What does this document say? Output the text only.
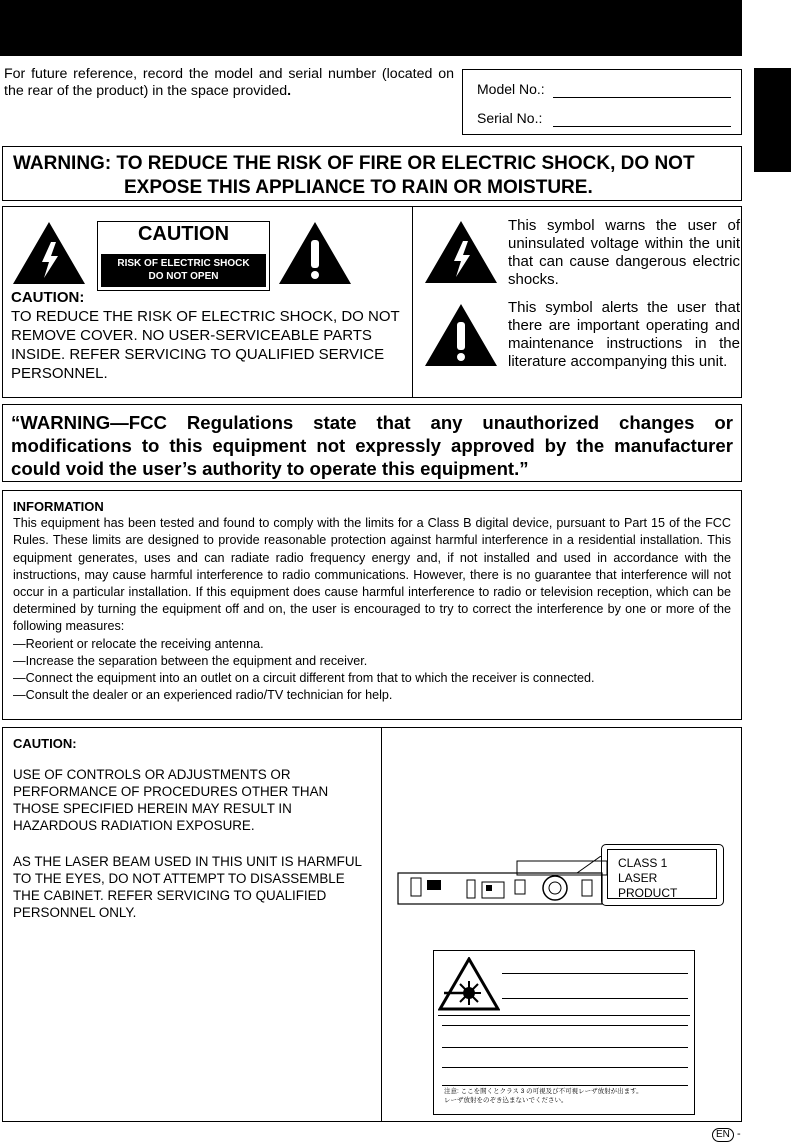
For future reference, record the model and serial number (located on the rear of the product) in the space provided.	Model No.:
Serial No.:
WARNING: TO REDUCE THE RISK OF FIRE OR ELECTRIC SHOCK, DO NOT
EXPOSE THIS APPLIANCE TO RAIN OR MOISTURE.
CAUTION
RISK OF ELECTRIC SHOCK
DO NOT OPEN
CAUTION:
TO REDUCE THE RISK OF ELECTRIC SHOCK, DO NOT REMOVE COVER. NO USER-SERVICEABLE PARTS INSIDE. REFER SERVICING TO QUALIFIED SERVICE PERSONNEL.
This symbol warns the user of uninsulated voltage within the unit that can cause dangerous electric shocks.
This symbol alerts the user that there are important operating and maintenance instructions in the literature accompanying this unit.
“WARNING—FCC Regulations state that any unauthorized changes or modifications to this equipment not expressly approved by the manufacturer could void the user’s authority to operate this equipment.”
INFORMATION
This equipment has been tested and found to comply with the limits for a Class B digital device, pursuant to Part 15 of the FCC Rules. These limits are designed to provide reasonable protection against harmful interference in a residential installation. This equipment generates, uses and can radiate radio frequency energy and, if not installed and used in accordance with the instructions, may cause harmful interference to radio communications. However, there is no guarantee that interference will not occur in a particular installation. If this equipment does cause harmful interference to radio or television reception, which can be determined by turning the equipment off and on, the user is encouraged to try to correct the interference by one or more of the following measures:
—Reorient or relocate the receiving antenna.
—Increase the separation between the equipment and receiver.
—Connect the equipment into an outlet on a circuit different from that to which the receiver is connected.
—Consult the dealer or an experienced radio/TV technician for help.
CAUTION:
USE OF CONTROLS OR ADJUSTMENTS OR PERFORMANCE OF PROCEDURES OTHER THAN THOSE SPECIFIED HEREIN MAY RESULT IN HAZARDOUS RADIATION EXPOSURE.
AS THE LASER BEAM USED IN THIS UNIT IS HARMFUL TO THE EYES, DO NOT ATTEMPT TO DISASSEMBLE THE CABINET. REFER SERVICING TO QUALIFIED PERSONNEL ONLY.
CLASS 1
LASER PRODUCT
注意: ここを開くとクラス 3 の可視及び不可視レーザ放射が出ます。
レーザ放射をのぞき込まないでください。
EN -
